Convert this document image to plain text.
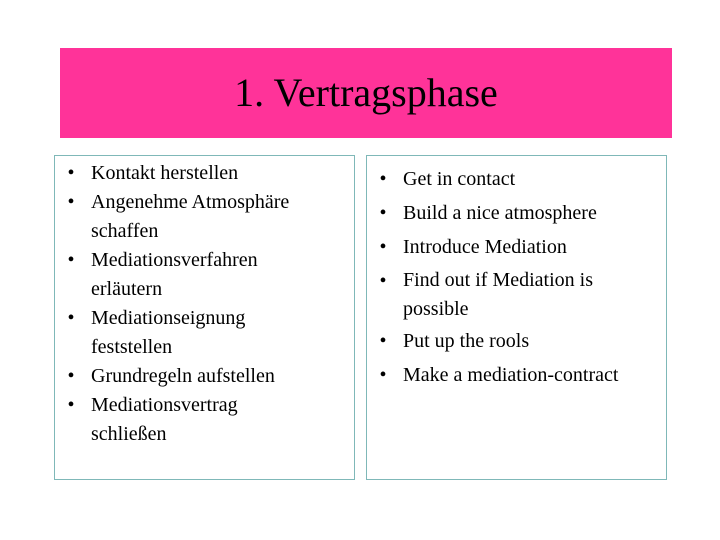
1. Vertragsphase
• Kontakt herstellen
• Angenehme Atmosphäre schaffen
• Mediationsverfahren erläutern
• Mediationseignung feststellen
• Grundregeln aufstellen
• Mediationsvertrag schließen
• Get in contact
• Build a nice atmosphere
• Introduce Mediation
• Find out if Mediation is possible
• Put up the rools
• Make a mediation-contract
